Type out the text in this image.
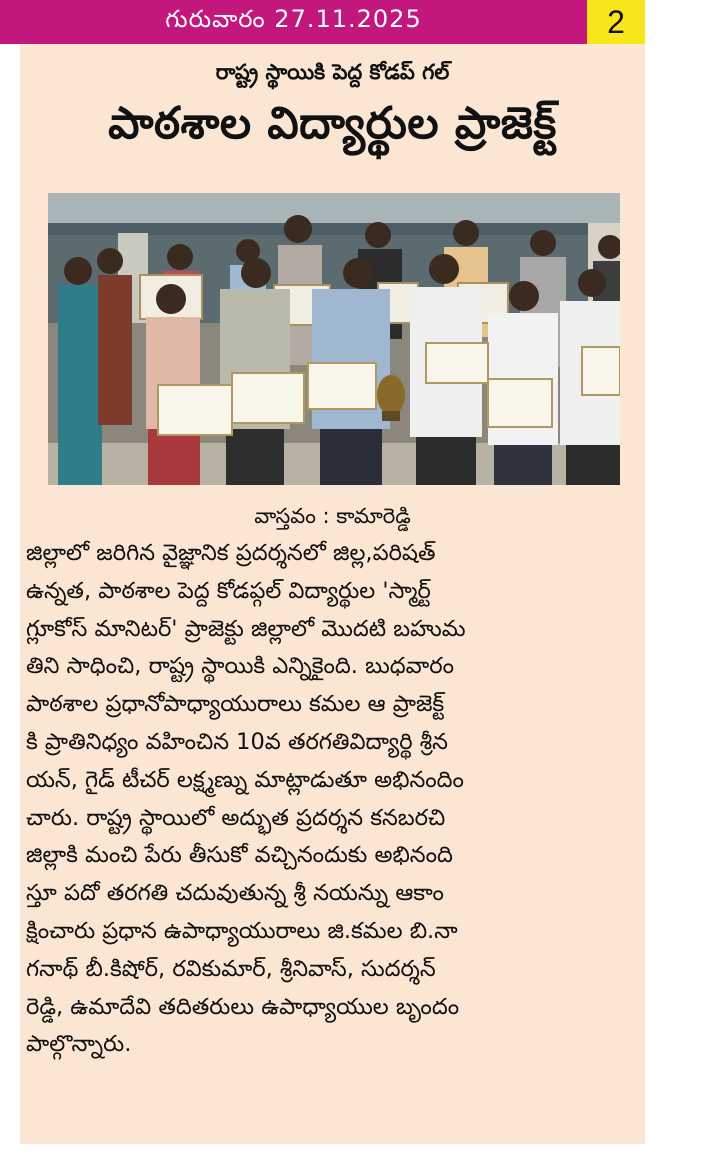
గురువారం 27.11.2025	2
రాష్ట్ర స్థాయికి పెద్ద కోడప్ గల్
పాఠశాల విద్యార్థుల ప్రాజెక్ట్
వాస్తవం : కామారెడ్డి
జిల్లాలో జరిగిన వైజ్ఞానిక ప్రదర్శనలో జిల్ల,పరిషత్
ఉన్నత, పాఠశాల పెద్ద కోడప్గల్ విద్యార్థుల 'స్మార్ట్
గ్లూకోస్ మానిటర్' ప్రాజెక్టు జిల్లాలో మొదటి బహుమ
తిని సాధించి, రాష్ట్ర స్థాయికి ఎన్నికైంది. బుధవారం
పాఠశాల ప్రధానోపాధ్యాయురాలు కమల ఆ ప్రాజెక్ట్
కి ప్రాతినిధ్యం వహించిన 10వ తరగతివిద్యార్థి శ్రీన
యన్, గైడ్ టీచర్ లక్ష్మణ్ను మాట్లాడుతూ అభినందిం
చారు. రాష్ట్ర స్థాయిలో అద్భుత ప్రదర్శన కనబరచి
జిల్లాకి మంచి పేరు తీసుకో వచ్చినందుకు అభినంది
స్తూ పదో తరగతి చదువుతున్న శ్రీ నయన్ను ఆకాం
క్షించారు ప్రధాన ఉపాధ్యాయురాలు జి.కమల బి.నా
గనాథ్ బీ.కిషోర్, రవికుమార్, శ్రీనివాస్, సుదర్శన్
రెడ్డి, ఉమాదేవి తదితరులు ఉపాధ్యాయుల బృందం
పాల్గొన్నారు.
